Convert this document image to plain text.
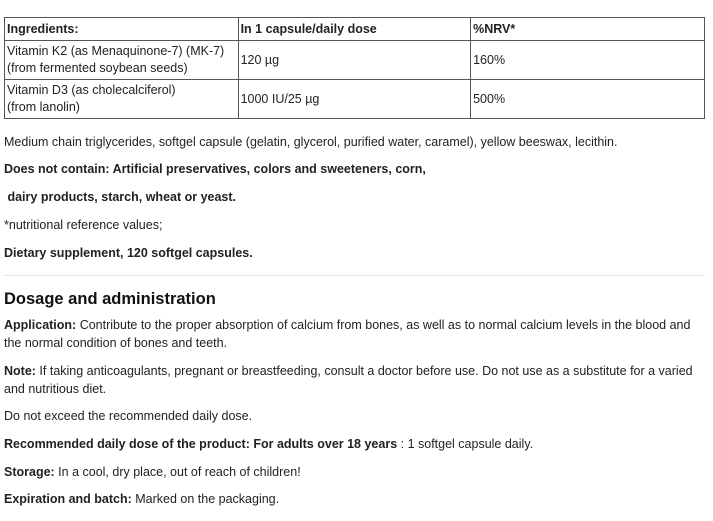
Ingredients:	In 1 capsule/daily dose	%NRV*
Vitamin K2 (as Menaquinone-7) (MK-7)
(from fermented soybean seeds)	120 µg	160%
Vitamin D3 (as cholecalciferol)
(from lanolin)	1000 IU/25 µg	500%
Medium chain triglycerides, softgel capsule (gelatin, glycerol, purified water, caramel), yellow beeswax, lecithin.
Does not contain: Artificial preservatives, colors and sweeteners, corn,
dairy products, starch, wheat or yeast.
*nutritional reference values;
Dietary supplement, 120 softgel capsules.
Dosage and administration
Application: Contribute to the proper absorption of calcium from bones, as well as to normal calcium levels in the blood and the normal condition of bones and teeth.
Note: If taking anticoagulants, pregnant or breastfeeding, consult a doctor before use. Do not use as a substitute for a varied and nutritious diet.
Do not exceed the recommended daily dose.
Recommended daily dose of the product: For adults over 18 years : 1 softgel capsule daily.
Storage: In a cool, dry place, out of reach of children!
Expiration and batch: Marked on the packaging.
